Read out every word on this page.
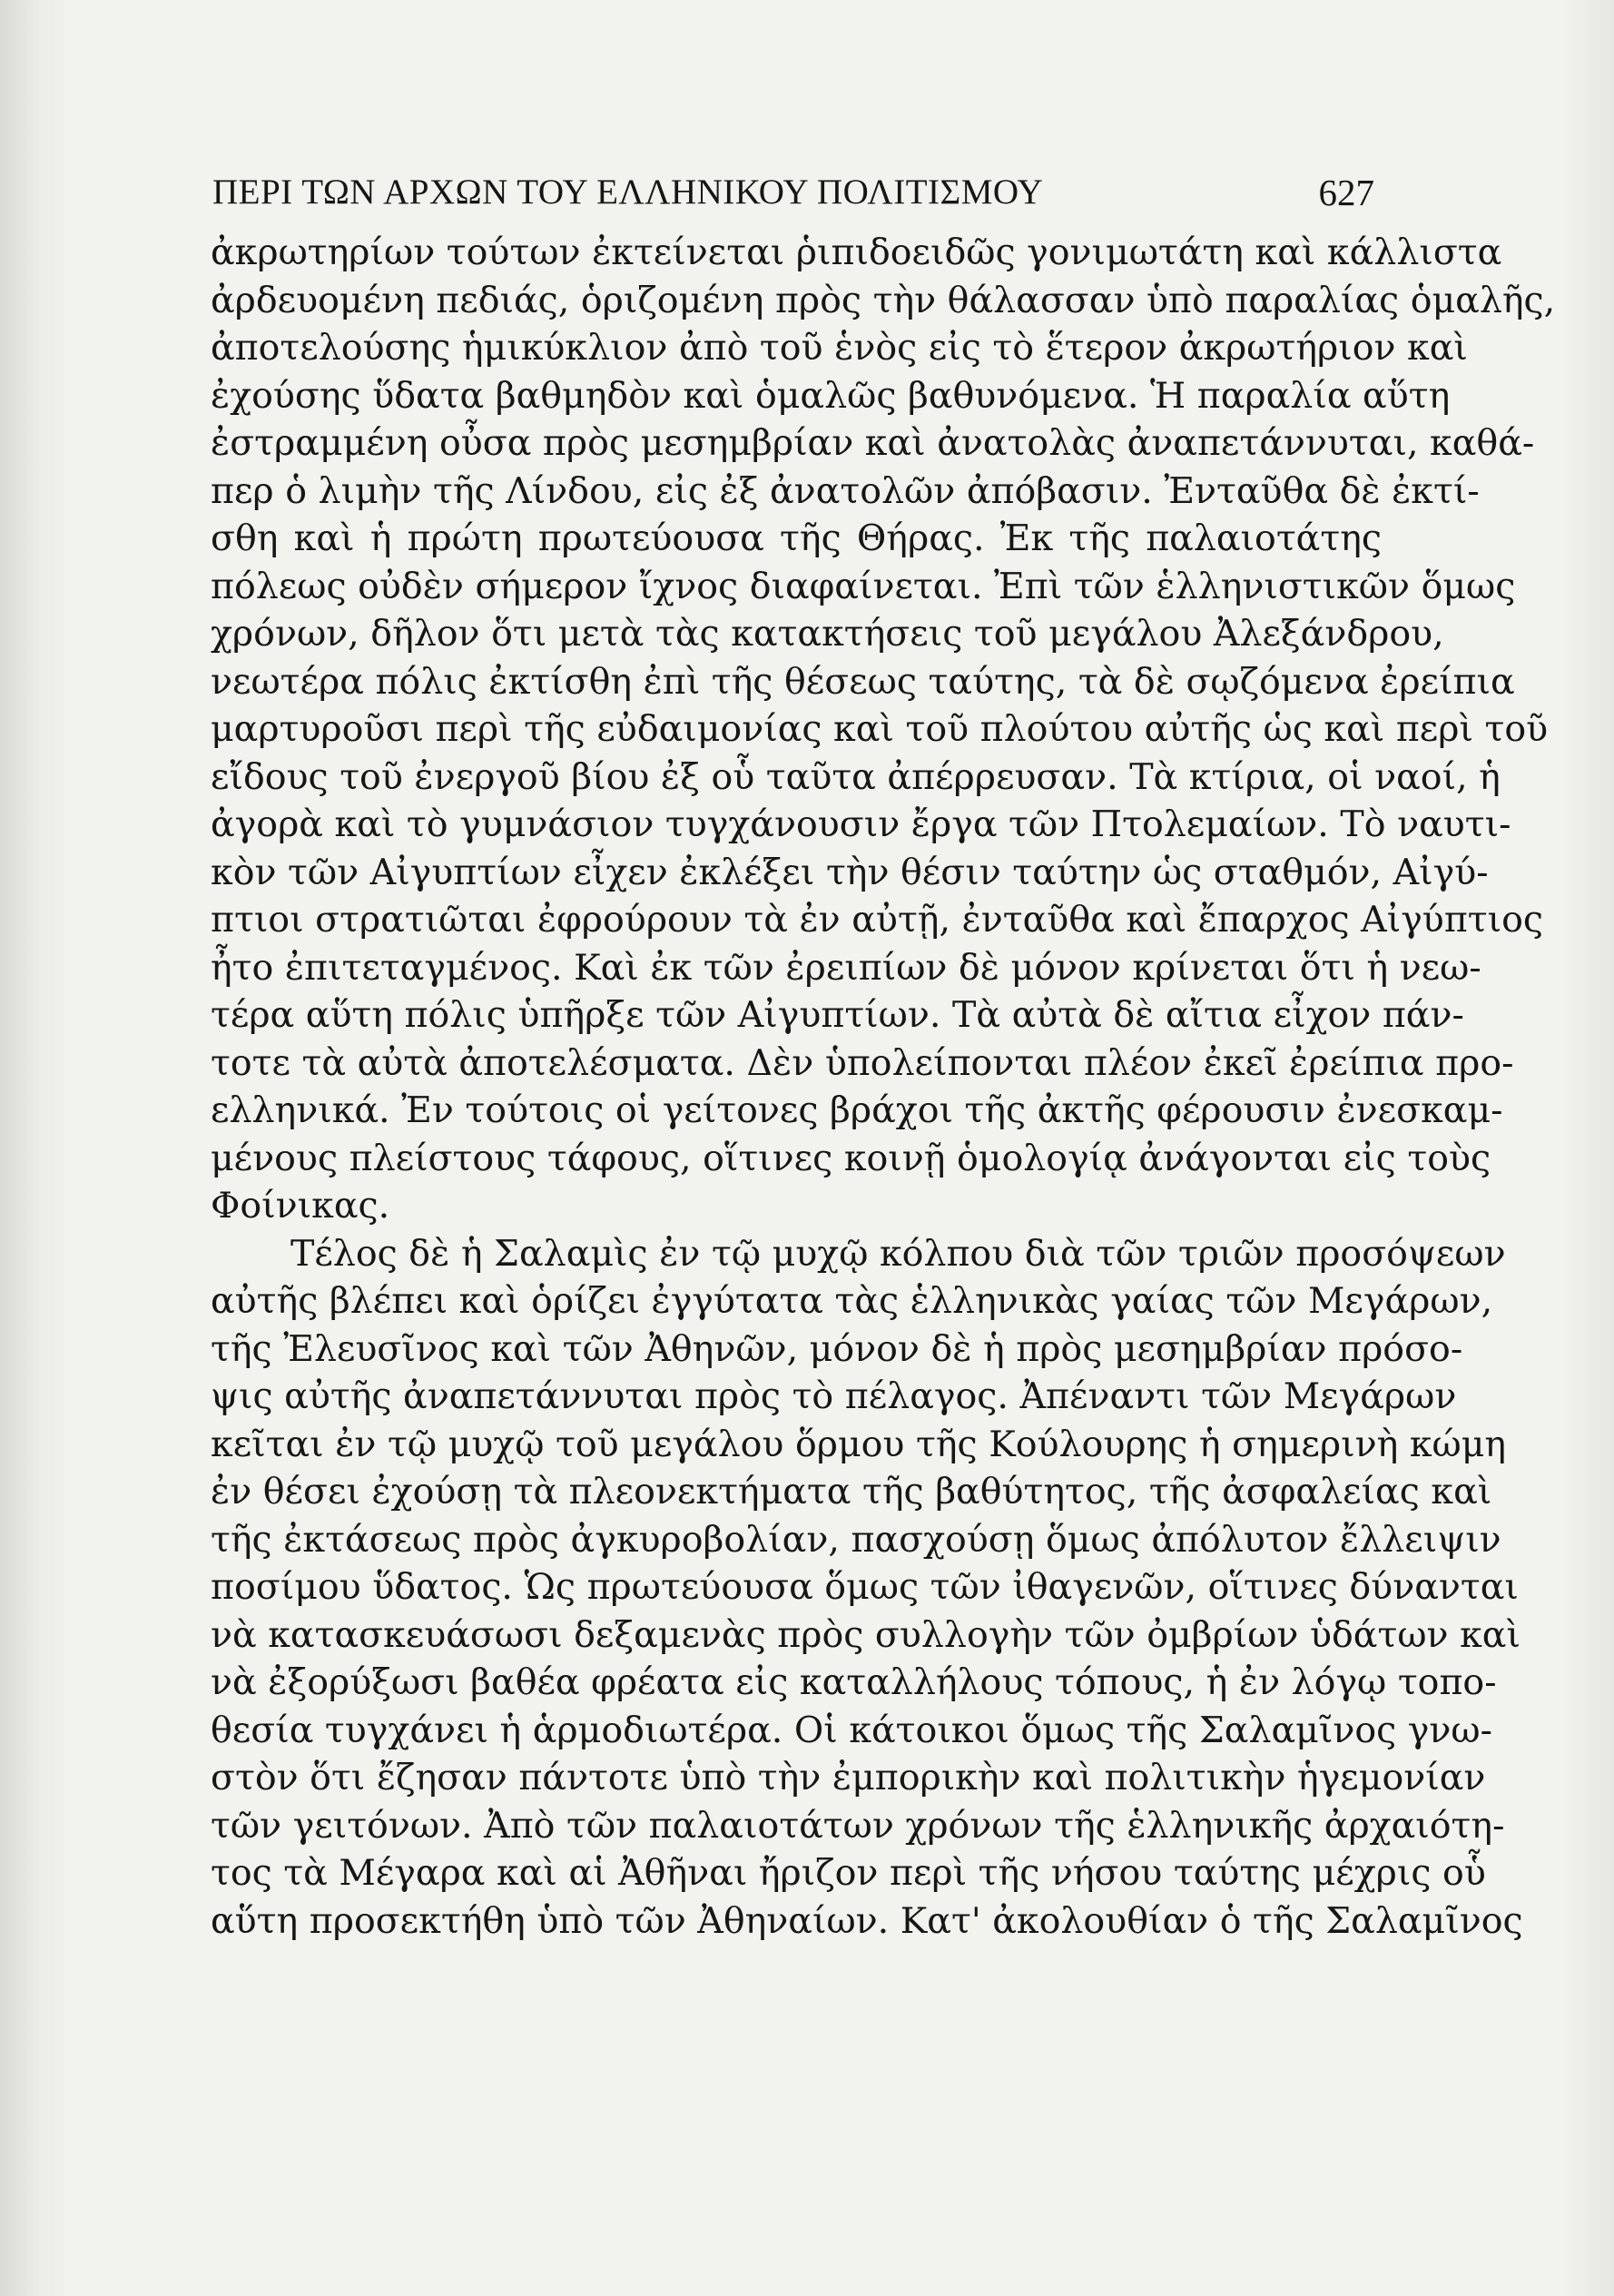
ΠΕΡΙ ΤΩΝ ΑΡΧΩΝ ΤΟΥ ΕΛΛΗΝΙΚΟΥ ΠΟΛΙΤΙΣΜΟΥ	627
ἀκρωτηρίων τούτων ἐκτείνεται ῥιπιδοειδῶς γονιμωτάτη καὶ κάλλιστα
ἀρδευομένη πεδιάς, ὁριζομένη πρὸς τὴν θάλασσαν ὑπὸ παραλίας ὁμαλῆς,
ἀποτελούσης ἡμικύκλιον ἀπὸ τοῦ ἑνὸς εἰς τὸ ἕτερον ἀκρωτήριον καὶ
ἐχούσης ὕδατα βαθμηδὸν καὶ ὁμαλῶς βαθυνόμενα. Ἡ παραλία αὕτη
ἐστραμμένη οὖσα πρὸς μεσημβρίαν καὶ ἀνατολὰς ἀναπετάννυται, καθά-
περ ὁ λιμὴν τῆς Λίνδου, εἰς ἐξ ἀνατολῶν ἀπόβασιν. Ἐνταῦθα δὲ ἐκτί-
σθη καὶ ἡ πρώτη πρωτεύουσα τῆς Θήρας. Ἐκ τῆς παλαιοτάτης
πόλεως οὐδὲν σήμερον ἴχνος διαφαίνεται. Ἐπὶ τῶν ἑλληνιστικῶν ὅμως
χρόνων, δῆλον ὅτι μετὰ τὰς κατακτήσεις τοῦ μεγάλου Ἀλεξάνδρου,
νεωτέρα πόλις ἐκτίσθη ἐπὶ τῆς θέσεως ταύτης, τὰ δὲ σῳζόμενα ἐρείπια
μαρτυροῦσι περὶ τῆς εὐδαιμονίας καὶ τοῦ πλούτου αὐτῆς ὡς καὶ περὶ τοῦ
εἴδους τοῦ ἐνεργοῦ βίου ἐξ οὗ ταῦτα ἀπέρρευσαν. Τὰ κτίρια, οἱ ναοί, ἡ
ἀγορὰ καὶ τὸ γυμνάσιον τυγχάνουσιν ἔργα τῶν Πτολεμαίων. Τὸ ναυτι-
κὸν τῶν Αἰγυπτίων εἶχεν ἐκλέξει τὴν θέσιν ταύτην ὡς σταθμόν, Αἰγύ-
πτιοι στρατιῶται ἐφρούρουν τὰ ἐν αὐτῇ, ἐνταῦθα καὶ ἔπαρχος Αἰγύπτιος
ἦτο ἐπιτεταγμένος. Καὶ ἐκ τῶν ἐρειπίων δὲ μόνον κρίνεται ὅτι ἡ νεω-
τέρα αὕτη πόλις ὑπῆρξε τῶν Αἰγυπτίων. Τὰ αὐτὰ δὲ αἴτια εἶχον πάν-
τοτε τὰ αὐτὰ ἀποτελέσματα. Δὲν ὑπολείπονται πλέον ἐκεῖ ἐρείπια προ-
ελληνικά. Ἐν τούτοις οἱ γείτονες βράχοι τῆς ἀκτῆς φέρουσιν ἐνεσκαμ-
μένους πλείστους τάφους, οἵτινες κοινῇ ὁμολογίᾳ ἀνάγονται εἰς τοὺς
Φοίνικας.
Τέλος δὲ ἡ Σαλαμὶς ἐν τῷ μυχῷ κόλπου διὰ τῶν τριῶν προσόψεων
αὐτῆς βλέπει καὶ ὁρίζει ἐγγύτατα τὰς ἑλληνικὰς γαίας τῶν Μεγάρων,
τῆς Ἐλευσῖνος καὶ τῶν Ἀθηνῶν, μόνον δὲ ἡ πρὸς μεσημβρίαν πρόσο-
ψις αὐτῆς ἀναπετάννυται πρὸς τὸ πέλαγος. Ἀπέναντι τῶν Μεγάρων
κεῖται ἐν τῷ μυχῷ τοῦ μεγάλου ὅρμου τῆς Κούλουρης ἡ σημερινὴ κώμη
ἐν θέσει ἐχούσῃ τὰ πλεονεκτήματα τῆς βαθύτητος, τῆς ἀσφαλείας καὶ
τῆς ἐκτάσεως πρὸς ἀγκυροβολίαν, πασχούσῃ ὅμως ἀπόλυτον ἔλλειψιν
ποσίμου ὕδατος. Ὡς πρωτεύουσα ὅμως τῶν ἰθαγενῶν, οἵτινες δύνανται
νὰ κατασκευάσωσι δεξαμενὰς πρὸς συλλογὴν τῶν ὀμβρίων ὑδάτων καὶ
νὰ ἐξορύξωσι βαθέα φρέατα εἰς καταλλήλους τόπους, ἡ ἐν λόγῳ τοπο-
θεσία τυγχάνει ἡ ἁρμοδιωτέρα. Οἱ κάτοικοι ὅμως τῆς Σαλαμῖνος γνω-
στὸν ὅτι ἔζησαν πάντοτε ὑπὸ τὴν ἐμπορικὴν καὶ πολιτικὴν ἡγεμονίαν
τῶν γειτόνων. Ἀπὸ τῶν παλαιοτάτων χρόνων τῆς ἑλληνικῆς ἀρχαιότη-
τος τὰ Μέγαρα καὶ αἱ Ἀθῆναι ἤριζον περὶ τῆς νήσου ταύτης μέχρις οὗ
αὕτη προσεκτήθη ὑπὸ τῶν Ἀθηναίων. Κατ' ἀκολουθίαν ὁ τῆς Σαλαμῖνος
